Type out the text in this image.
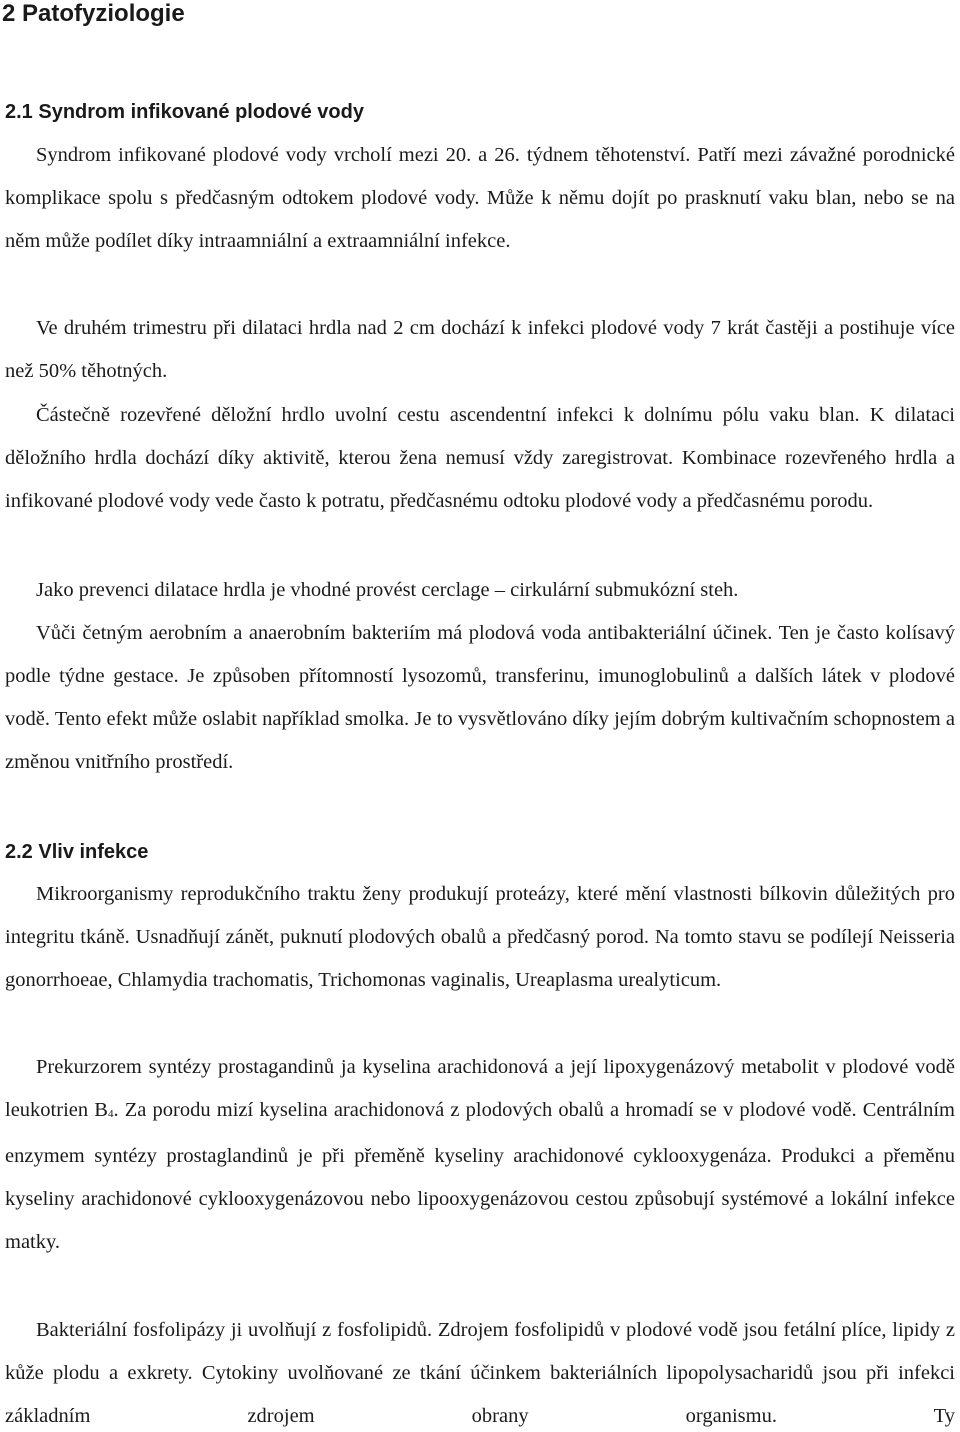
2 Patofyziologie
2.1 Syndrom infikované plodové vody

Syndrom infikované plodové vody vrcholí mezi 20. a 26. týdnem těhotenství. Patří mezi závažné porodnické komplikace spolu s předčasným odtokem plodové vody. Může k němu dojít po prasknutí vaku blan, nebo se na něm může podílet díky intraamniální a extraamniální infekce.

Ve druhém trimestru při dilataci hrdla nad 2 cm dochází k infekci plodové vody 7 krát častěji a postihuje více než 50% těhotných.

Částečně rozevřené děložní hrdlo uvolní cestu ascendentní infekci k dolnímu pólu vaku blan. K dilataci děložního hrdla dochází díky aktivitě, kterou žena nemusí vždy zaregistrovat. Kombinace rozevřeného hrdla a infikované plodové vody vede často k potratu, předčasnému odtoku plodové vody a předčasnému porodu.

Jako prevenci dilatace hrdla je vhodné provést cerclage – cirkulární submukózní steh.

Vůči četným aerobním a anaerobním bakteriím má plodová voda antibakteriální účinek. Ten je často kolísavý podle týdne gestace. Je způsoben přítomností lysozomů, transferinu, imunoglobulinů a dalších látek v plodové vodě. Tento efekt může oslabit například smolka. Je to vysvětlováno díky jejím dobrým kultivačním schopnostem a změnou vnitřního prostředí.

2.2 Vliv infekce

Mikroorganismy reprodukčního traktu ženy produkují proteázy, které mění vlastnosti bílkovin důležitých pro integritu tkáně. Usnadňují zánět, puknutí plodových obalů a předčasný porod. Na tomto stavu se podílejí Neisseria gonorrhoeae, Chlamydia trachomatis, Trichomonas vaginalis, Ureaplasma urealyticum.

Prekurzorem syntézy prostagandinů ja kyselina arachidonová a její lipoxygenázový metabolit v plodové vodě leukotrien $B_4$. Za porodu mizí kyselina arachidonová z plodových obalů a hromadí se v plodové vodě. Centrálním enzymem syntézy prostaglandinů je při přeměně kyseliny arachidonové cyklooxygenáza. Produkci a přeměnu kyseliny arachidonové cyklooxygenázovou nebo lipooxygenázovou cestou způsobují systémové a lokální infekce matky.

Bakteriální fosfolipázy ji uvolňují z fosfolipidů. Zdrojem fosfolipidů v plodové vodě jsou fetální plíce, lipidy z kůže plodu a exkrety. Cytokiny uvolňované ze tkání účinkem bakteriálních lipopolysacharidů jsou při infekci základním zdrojem obrany organismu. Ty
